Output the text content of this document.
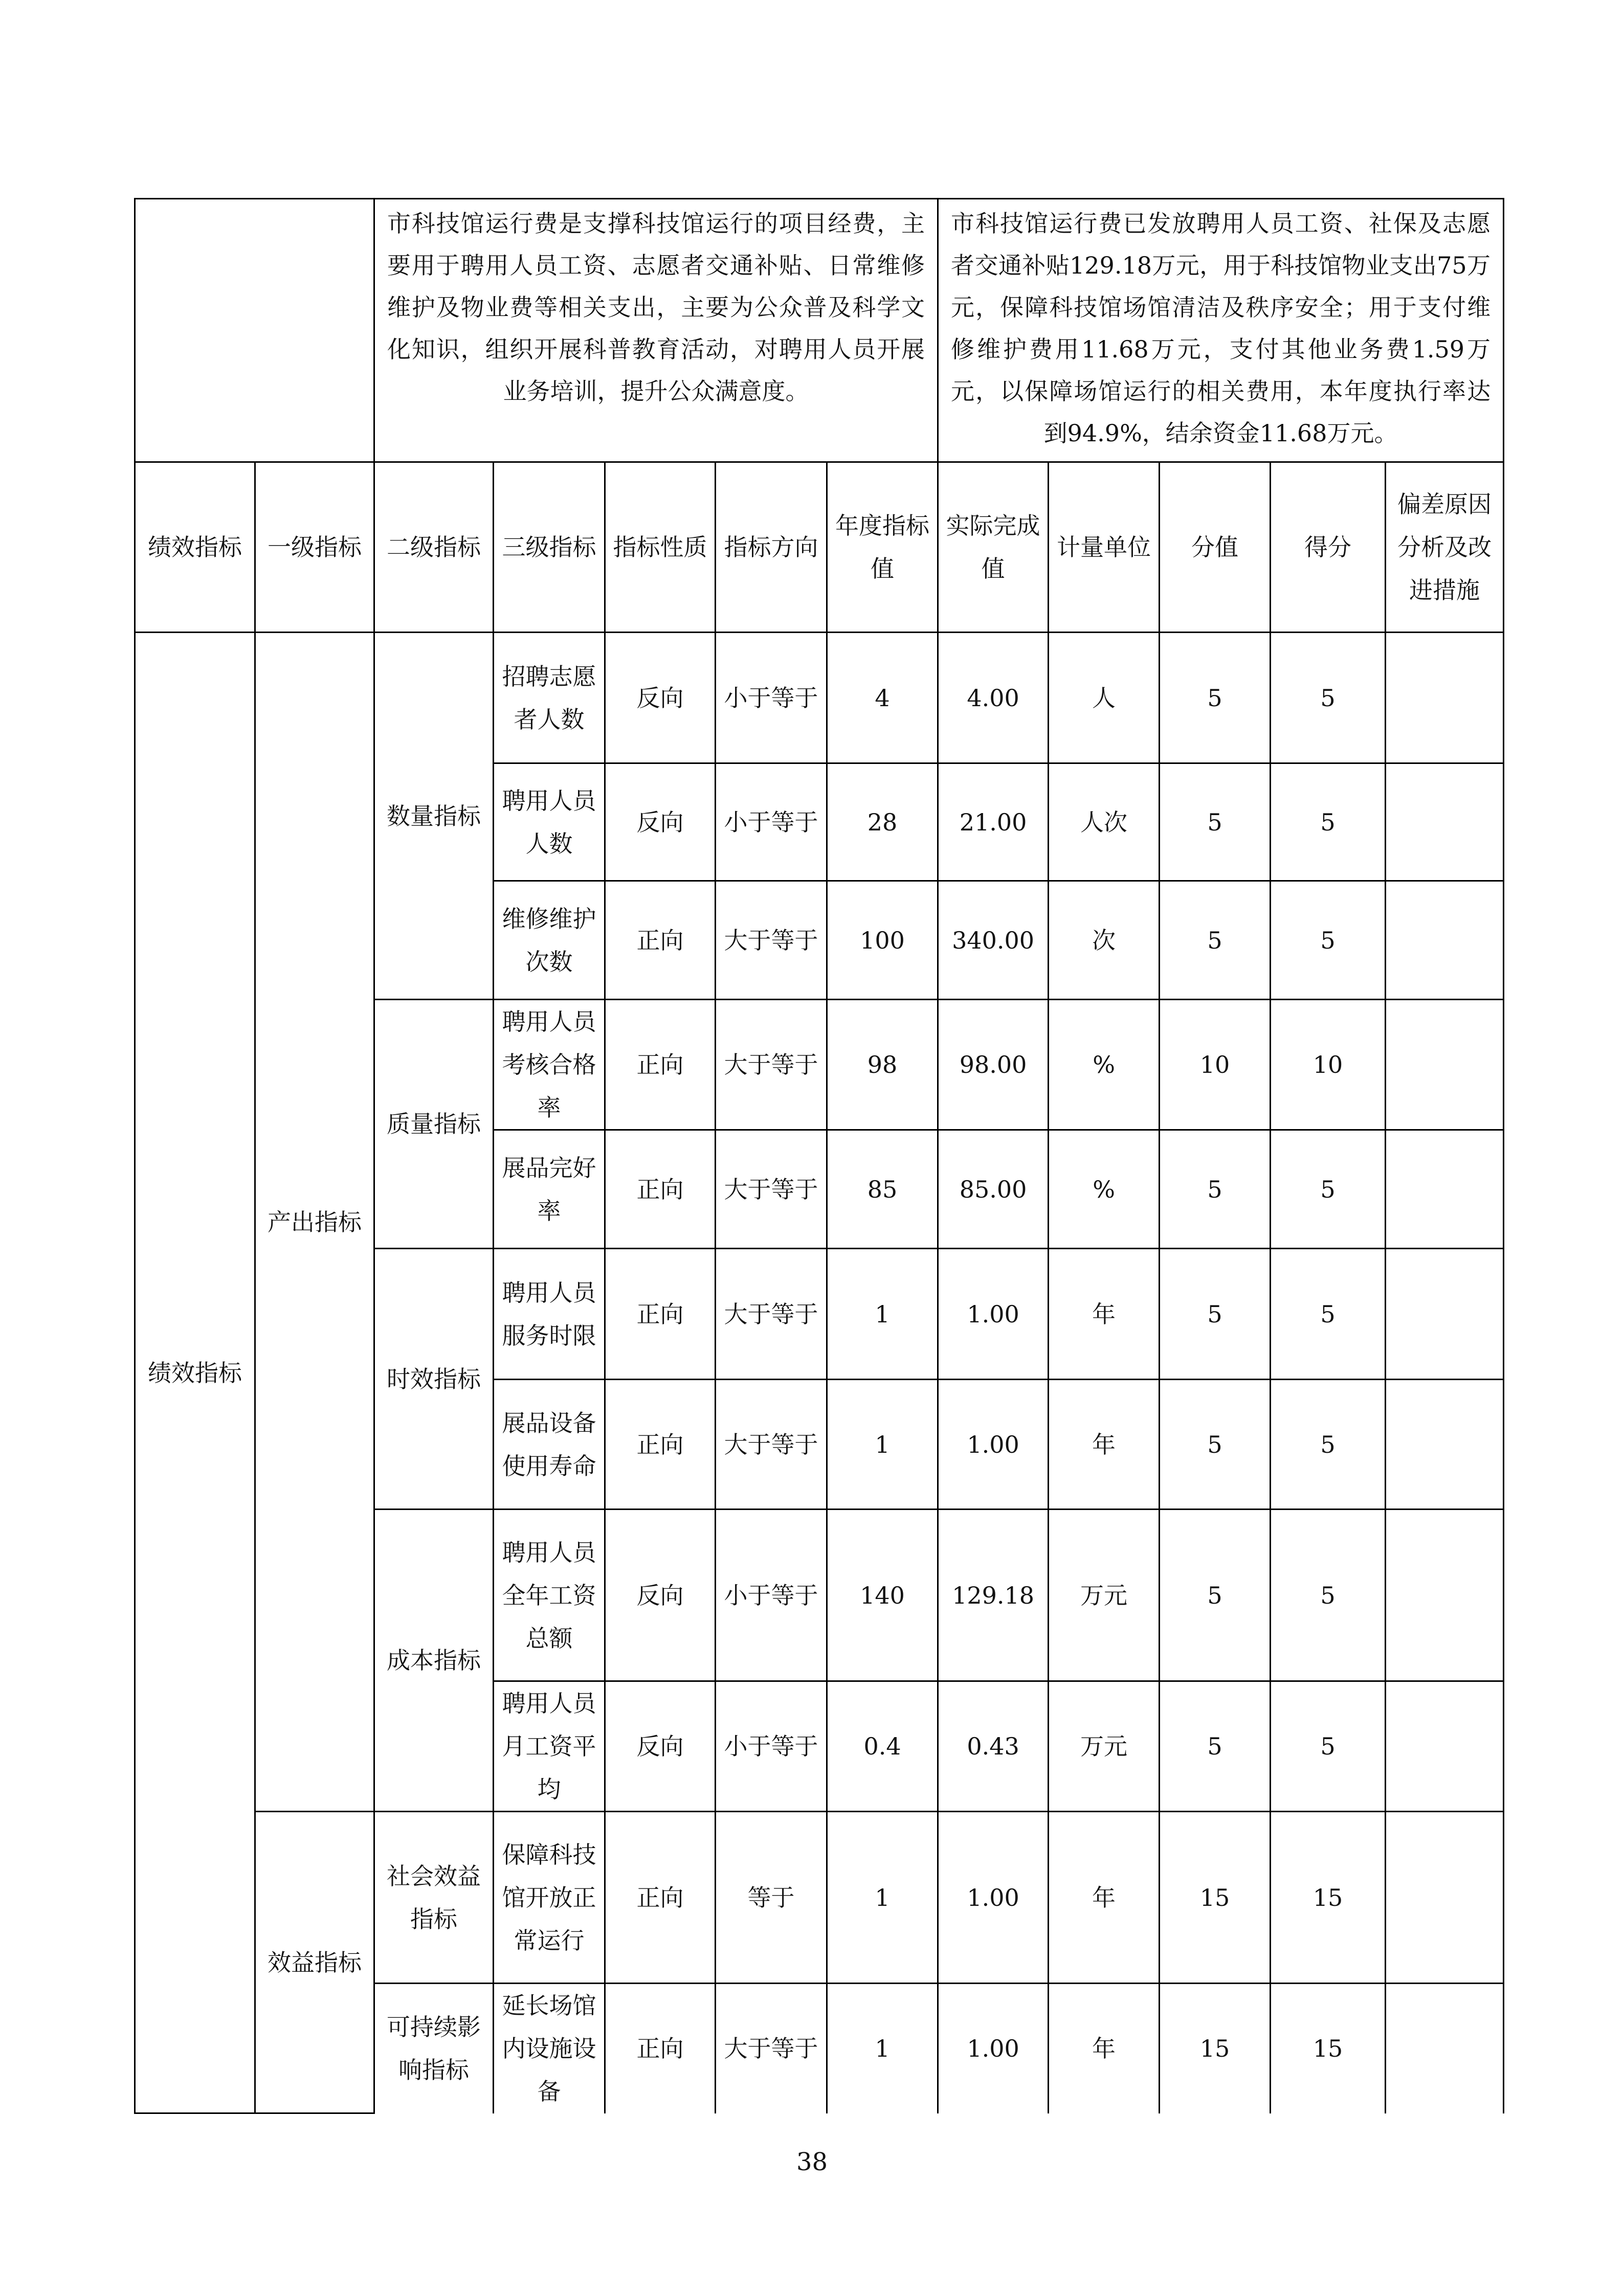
		市科技馆运行费是支撑科技馆运行的项目经费，主要用于聘用人员工资、志愿者交通补贴、日常维修维护及物业费等相关支出，主要为公众普及科学文化知识，组织开展科普教育活动，对聘用人员开展业务培训，提升公众满意度。					市科技馆运行费已发放聘用人员工资、社保及志愿者交通补贴129.18万元，用于科技馆物业支出75万元，保障科技馆场馆清洁及秩序安全；用于支付维修维护费用11.68万元，支付其他业务费1.59万元，以保障场馆运行的相关费用，本年度执行率达到94.9%，结余资金11.68万元。				
绩效指标	一级指标	二级指标	三级指标	指标性质	指标方向	年度指标值	实际完成值	计量单位	分值	得分	偏差原因分析及改进措施
绩效指标	产出指标	数量指标	招聘志愿者人数	反向	小于等于	4	4.00	人	5	5	
			聘用人员人数	反向	小于等于	28	21.00	人次	5	5	
			维修维护次数	正向	大于等于	100	340.00	次	5	5	
		质量指标	聘用人员考核合格率	正向	大于等于	98	98.00	%	10	10	
			展品完好率	正向	大于等于	85	85.00	%	5	5	
		时效指标	聘用人员服务时限	正向	大于等于	1	1.00	年	5	5	
			展品设备使用寿命	正向	大于等于	1	1.00	年	5	5	
		成本指标	聘用人员全年工资总额	反向	小于等于	140	129.18	万元	5	5	
			聘用人员月工资平均	反向	小于等于	0.4	0.43	万元	5	5	
	效益指标	社会效益指标	保障科技馆开放正常运行	正向	等于	1	1.00	年	15	15	
		可持续影响指标	延长场馆内设施设备	正向	大于等于	1	1.00	年	15	15	
38
